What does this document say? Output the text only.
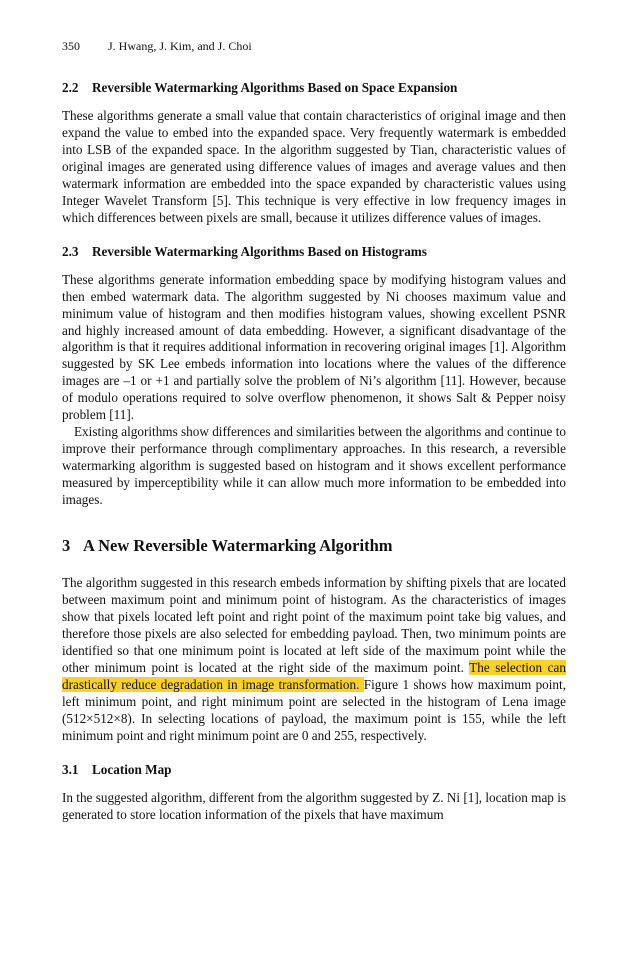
350 J. Hwang, J. Kim, and J. Choi
2.2 Reversible Watermarking Algorithms Based on Space Expansion

These algorithms generate a small value that contain characteristics of original image and then expand the value to embed into the expanded space. Very frequently watermark is embedded into LSB of the expanded space. In the algorithm suggested by Tian, characteristic values of original images are generated using difference values of images and average values and then watermark information are embedded into the space expanded by characteristic values using Integer Wavelet Transform [5]. This technique is very effective in low frequency images in which differences between pixels are small, because it utilizes difference values of images.

2.3 Reversible Watermarking Algorithms Based on Histograms

These algorithms generate information embedding space by modifying histogram values and then embed watermark data. The algorithm suggested by Ni chooses maximum value and minimum value of histogram and then modifies histogram values, showing excellent PSNR and highly increased amount of data embedding. However, a significant disadvantage of the algorithm is that it requires additional information in recovering original images [1]. Algorithm suggested by SK Lee embeds information into locations where the values of the difference images are –1 or +1 and partially solve the problem of Ni’s algorithm [11]. However, because of modulo operations required to solve overflow phenomenon, it shows Salt & Pepper noisy problem [11].

Existing algorithms show differences and similarities between the algorithms and continue to improve their performance through complimentary approaches. In this research, a reversible watermarking algorithm is suggested based on histogram and it shows excellent performance measured by imperceptibility while it can allow much more information to be embedded into images.

3 A New Reversible Watermarking Algorithm

The algorithm suggested in this research embeds information by shifting pixels that are located between maximum point and minimum point of histogram. As the characteristics of images show that pixels located left point and right point of the maximum point take big values, and therefore those pixels are also selected for embedding payload. Then, two minimum points are identified so that one minimum point is located at left side of the maximum point while the other minimum point is located at the right side of the maximum point. The selection can drastically reduce degradation in image transformation. Figure 1 shows how maximum point, left minimum point, and right minimum point are selected in the histogram of Lena image (512×512×8). In selecting locations of payload, the maximum point is 155, while the left minimum point and right minimum point are 0 and 255, respectively.

3.1 Location Map

In the suggested algorithm, different from the algorithm suggested by Z. Ni [1], location map is generated to store location information of the pixels that have maximum
